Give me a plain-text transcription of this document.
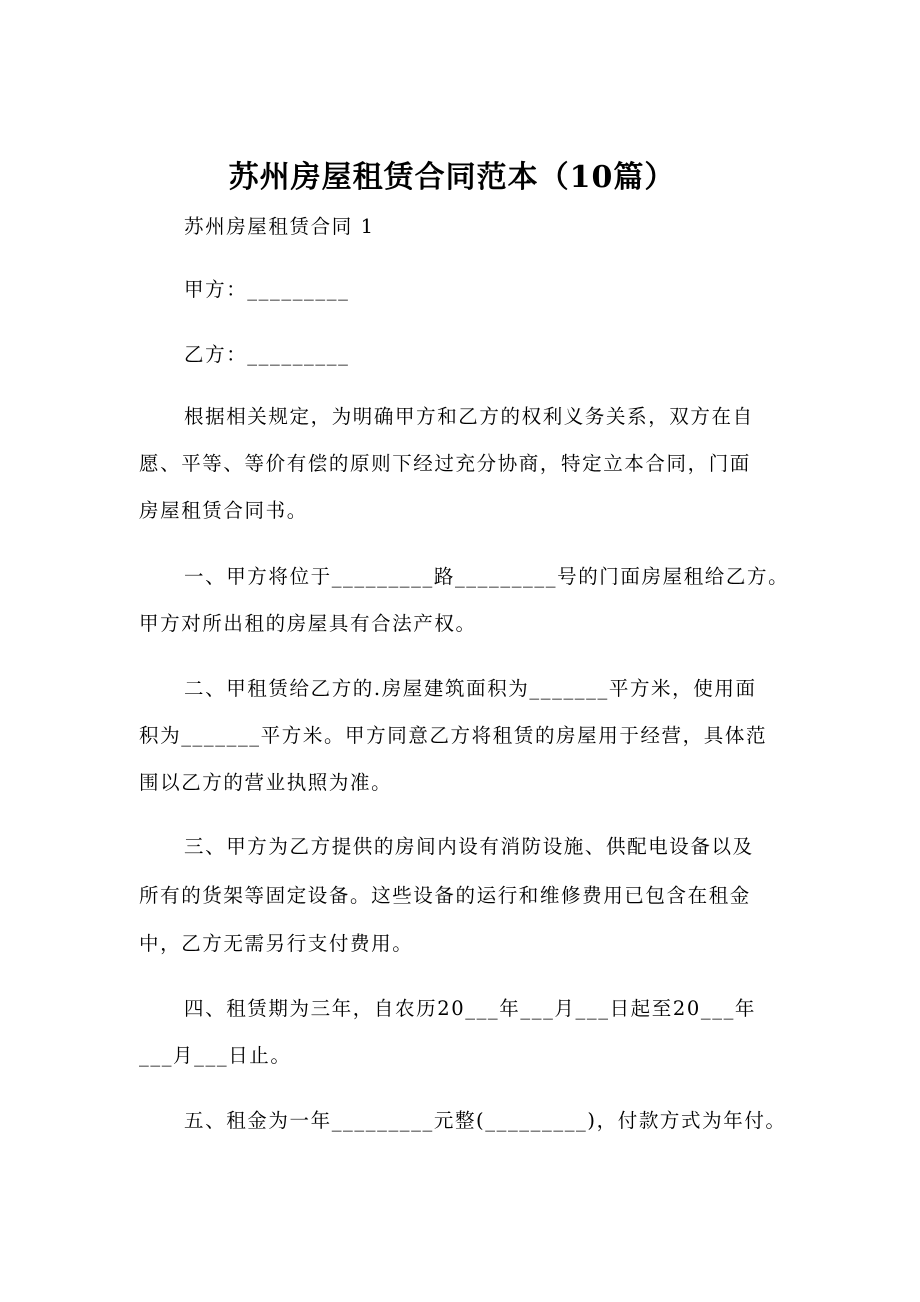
苏州房屋租赁合同范本（10篇）
苏州房屋租赁合同 1
甲方：_________
乙方：_________
根据相关规定，为明确甲方和乙方的权利义务关系，双方在自
愿、平等、等价有偿的原则下经过充分协商，特定立本合同，门面
房屋租赁合同书。
一、甲方将位于_________路_________号的门面房屋租给乙方。
甲方对所出租的房屋具有合法产权。
二、甲租赁给乙方的.房屋建筑面积为_______平方米，使用面
积为_______平方米。甲方同意乙方将租赁的房屋用于经营，具体范
围以乙方的营业执照为准。
三、甲方为乙方提供的房间内设有消防设施、供配电设备以及
所有的货架等固定设备。这些设备的运行和维修费用已包含在租金
中，乙方无需另行支付费用。
四、租赁期为三年，自农历20___年___月___日起至20___年
___月___日止。
五、租金为一年_________元整(_________)，付款方式为年付。
